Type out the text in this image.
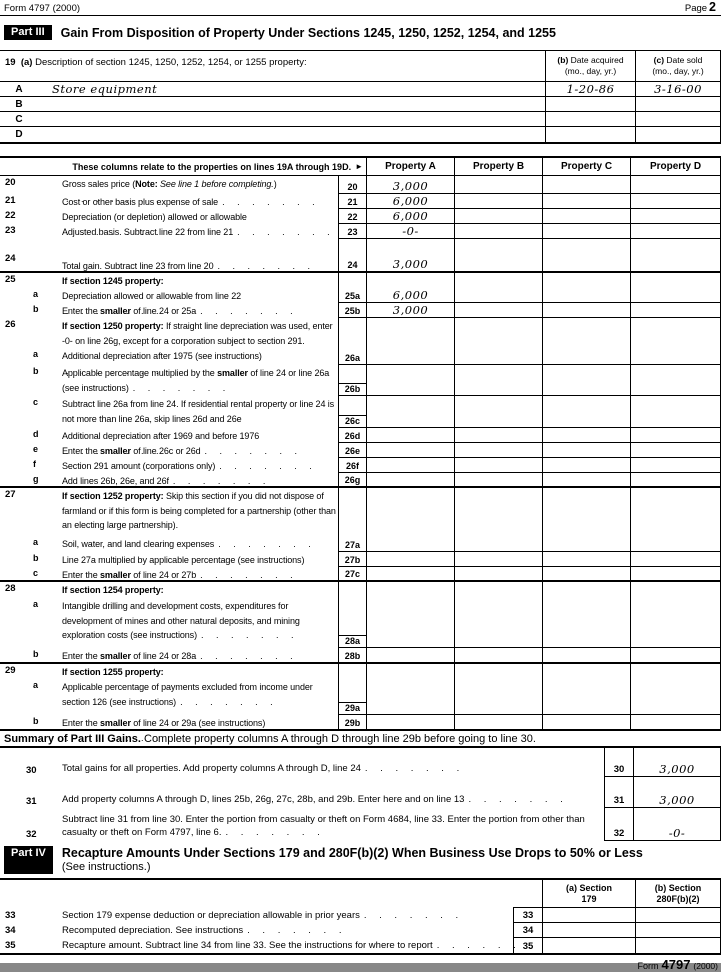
Form 4797 (2000)	Page 2
Part III	Gain From Disposition of Property Under Sections 1245, 1250, 1252, 1254, and 1255
19 (a) Description of section 1245, 1250, 1252, 1254, or 1255 property:	(b) Date acquired
(mo., day, yr.)
(c) Date sold
(mo., day, yr.)
A	Store equipment	1-20-86	3-16-00
B
C
D
These columns relate to the properties on lines 19A through 19D. ►	Property A	Property B	Property C	Property D
20	Gross sales price (Note: See line 1 before completing.). . .	20	3,000
21	Cost or other basis plus expense of sale . . .	21	6,000
22	Depreciation (or depletion) allowed or allowable. . .	22	6,000
23	Adjusted basis. Subtract line 22 from line 21. . .	23	-0-
24
Total gain. Subtract line 23 from line 20 . . .	24	3,000
25	If section 1245 property:
a	Depreciation allowed or allowable from line 22. . .	25a	6,000
b	Enter the smaller of line 24 or 25a . . .	25b	3,000
26	If section 1250 property: If straight line depreciation was used, enter -0- on line 26g, except for a corporation subject to section 291.
a	Additional depreciation after 1975 (see instructions). . .	26a
b	Applicable percentage multiplied by the smaller of line 24 or line 26a (see instructions) . . .	26b
c	Subtract line 26a from line 24. If residential rental property or line 24 is not more than line 26a, skip lines 26d and 26e	26c
d	Additional depreciation after 1969 and before 1976. . .	26d
e	Enter the smaller of line 26c or 26d . . .	26e
f	Section 291 amount (corporations only) . . .	26f
g	Add lines 26b, 26e, and 26f . . .	26g
27	If section 1252 property: Skip this section if you did not dispose of farmland or if this form is being completed for a partnership (other than an electing large partnership).
a	Soil, water, and land clearing expenses . . .	27a
b	Line 27a multiplied by applicable percentage (see instructions)	27b
c	Enter the smaller of line 24 or 27b . . .	27c
28	If section 1254 property:
a	Intangible drilling and development costs, expenditures for development of mines and other natural deposits, and mining exploration costs (see instructions). . .
28a
b	Enter the smaller of line 24 or 28a . . .	28b
29	If section 1255 property:
a	Applicable percentage of payments excluded from income under section 126 (see instructions). . .
29a
b	Enter the smaller of line 24 or 29a (see instructions). . .	29b
Summary of Part III Gains. Complete property columns A through D through line 29b before going to line 30.
30	Total gains for all properties. Add property columns A through D, line 24 . . .	30	3,000
31	Add property columns A through D, lines 25b, 26g, 27c, 28b, and 29b. Enter here and on line 13 . . .	31	3,000
32
Subtract line 31 from line 30. Enter the portion from casualty or theft on Form 4684, line 33. Enter the portion from other than casualty or theft on Form 4797, line 6. . . .	32	-0-
Part IV	Recapture Amounts Under Sections 179 and 280F(b)(2) When Business Use Drops to 50% or Less
(See instructions.)
(a) Section
179
(b) Section
280F(b)(2)
33	Section 179 expense deduction or depreciation allowable in prior years . . .	33
34	Recomputed depreciation. See instructions . . .	34
35	Recapture amount. Subtract line 34 from line 33. See the instructions for where to report . . .	35
Form 4797 (2000)
